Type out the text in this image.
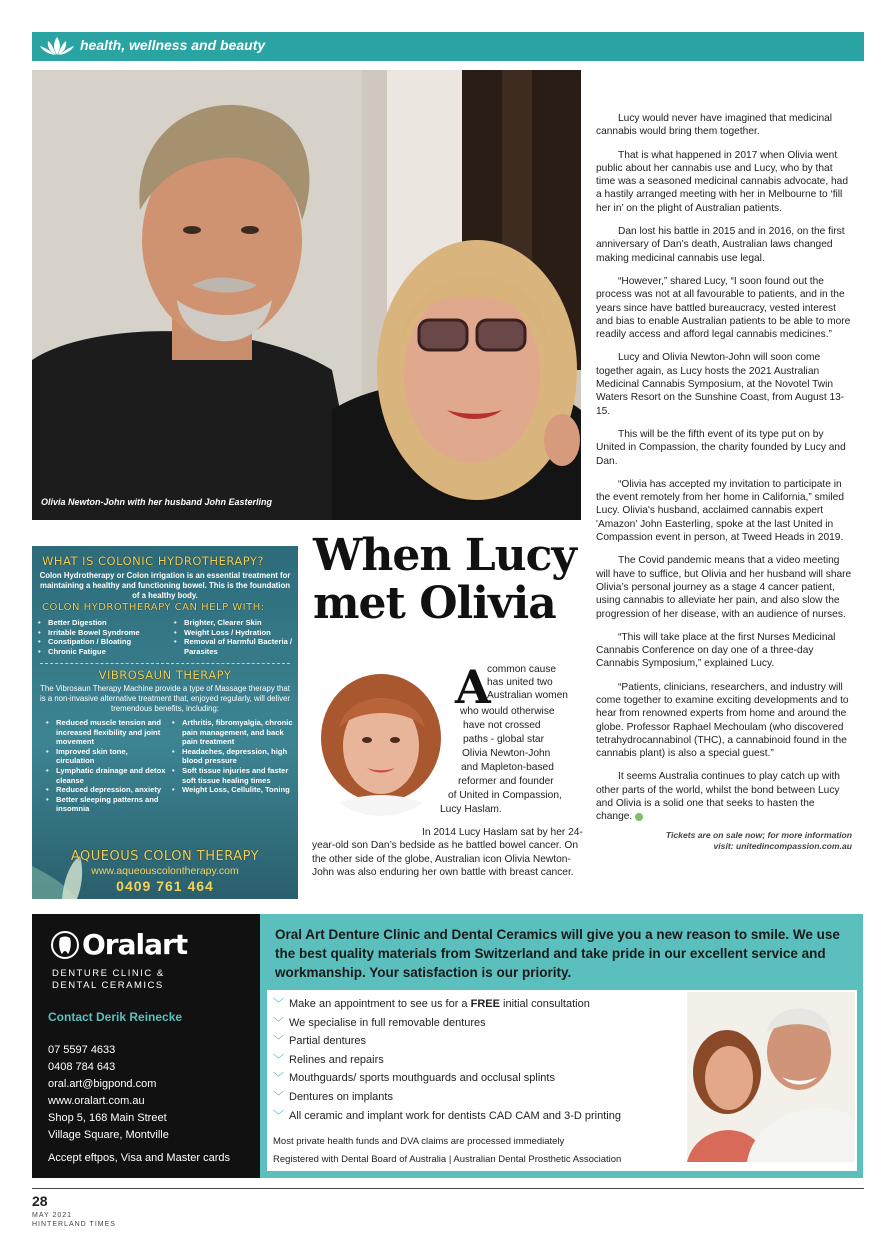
health, wellness and beauty
Olivia Newton-John with her husband John Easterling
WHAT IS COLONIC HYDROTHERAPY?
Colon Hydrotherapy or Colon irrigation is an essential treatment for maintaining a healthy and functioning bowel. This is the foundation of a healthy body.
COLON HYDROTHERAPY CAN HELP WITH:
• Better Digestion
• Irritable Bowel Syndrome
• Constipation / Bloating
• Chronic Fatigue
• Brighter, Clearer Skin
• Weight Loss / Hydration
• Removal of Harmful Bacteria / Parasites
VIBROSAUN THERAPY
The Vibrosaun Therapy Machine provide a type of Massage therapy that is a non-invasive alternative treatment that, enjoyed regularly, will deliver tremendous benefits, including:
• Reduced muscle tension and increased flexibility and joint movement
• Improved skin tone, circulation
• Lymphatic drainage and detox cleanse
• Reduced depression, anxiety
• Better sleeping patterns and insomnia
• Arthritis, fibromyalgia, chronic pain management, and back pain treatment
• Headaches, depression, high blood pressure
• Soft tissue injuries and faster soft tissue healing times
• Weight Loss, Cellulite, Toning
AQUEOUS COLON THERAPY
www.aqueouscolontherapy.com
0409 761 464
When Lucy
met Olivia
A
common cause
has united two
Australian women
who would otherwise
have not crossed
paths - global star
Olivia Newton-John
and Mapleton-based
reformer and founder
of United in Compassion,
Lucy Haslam.

In 2014 Lucy Haslam sat by her 24-year-old son Dan’s bedside as he battled bowel cancer. On the other side of the globe, Australian icon Olivia Newton-John was also enduring her own battle with breast cancer.

Lucy would never have imagined that medicinal cannabis would bring them together.

That is what happened in 2017 when Olivia went public about her cannabis use and Lucy, who by that time was a seasoned medicinal cannabis advocate, had a hastily arranged meeting with her in Melbourne to ‘fill her in’ on the plight of Australian patients.

Dan lost his battle in 2015 and in 2016, on the first anniversary of Dan’s death, Australian laws changed making medicinal cannabis use legal.

“However,” shared Lucy, “I soon found out the process was not at all favourable to patients, and in the years since have battled bureaucracy, vested interest and bias to enable Australian patients to be able to more readily access and afford legal cannabis medicines.”

Lucy and Olivia Newton-John will soon come together again, as Lucy hosts the 2021 Australian Medicinal Cannabis Symposium, at the Novotel Twin Waters Resort on the Sunshine Coast, from August 13-15.

This will be the fifth event of its type put on by United in Compassion, the charity founded by Lucy and Dan.

“Olivia has accepted my invitation to participate in the event remotely from her home in California,” smiled Lucy. Olivia's husband, acclaimed cannabis expert 'Amazon' John Easterling, spoke at the last United in Compassion event in person, at Tweed Heads in 2019.

The Covid pandemic means that a video meeting will have to suffice, but Olivia and her husband will share Olivia’s personal journey as a stage 4 cancer patient, using cannabis to alleviate her pain, and also slow the progression of her disease, with an audience of nurses.

“This will take place at the first Nurses Medicinal Cannabis Conference on day one of a three-day Cannabis Symposium,” explained Lucy.

“Patients, clinicians, researchers, and industry will come together to examine exciting developments and to hear from renowned experts from home and around the globe. Professor Raphael Mechoulam (who discovered tetrahydrocannabinol (THC), a cannabinoid found in the cannabis plant) is also a special guest.”

It seems Australia continues to play catch up with other parts of the world, whilst the bond between Lucy and Olivia is a solid one that seeks to hasten the change.

Tickets are on sale now; for more information
visit: unitedincompassion.com.au
Oralart
DENTURE CLINIC &
DENTAL CERAMICS
Contact Derik Reinecke
07 5597 4633
0408 784 643
oral.art@bigpond.com
www.oralart.com.au
Shop 5, 168 Main Street
Village Square, Montville
Accept eftpos, Visa and Master cards
Oral Art Denture Clinic and Dental Ceramics will give you a new reason to smile. We use the best quality materials from Switzerland and take pride in our excellent service and workmanship. Your satisfaction is our priority.
﹀ Make an appointment to see us for a FREE initial consultation
﹀ We specialise in full removable dentures
﹀ Partial dentures
﹀ Relines and repairs
﹀ Mouthguards/ sports mouthguards and occlusal splints
﹀ Dentures on implants
﹀ All ceramic and implant work for dentists CAD CAM and 3-D printing
Most private health funds and DVA claims are processed immediately
Registered with Dental Board of Australia | Australian Dental Prosthetic Association
28
MAY 2021
HINTERLAND TIMES
